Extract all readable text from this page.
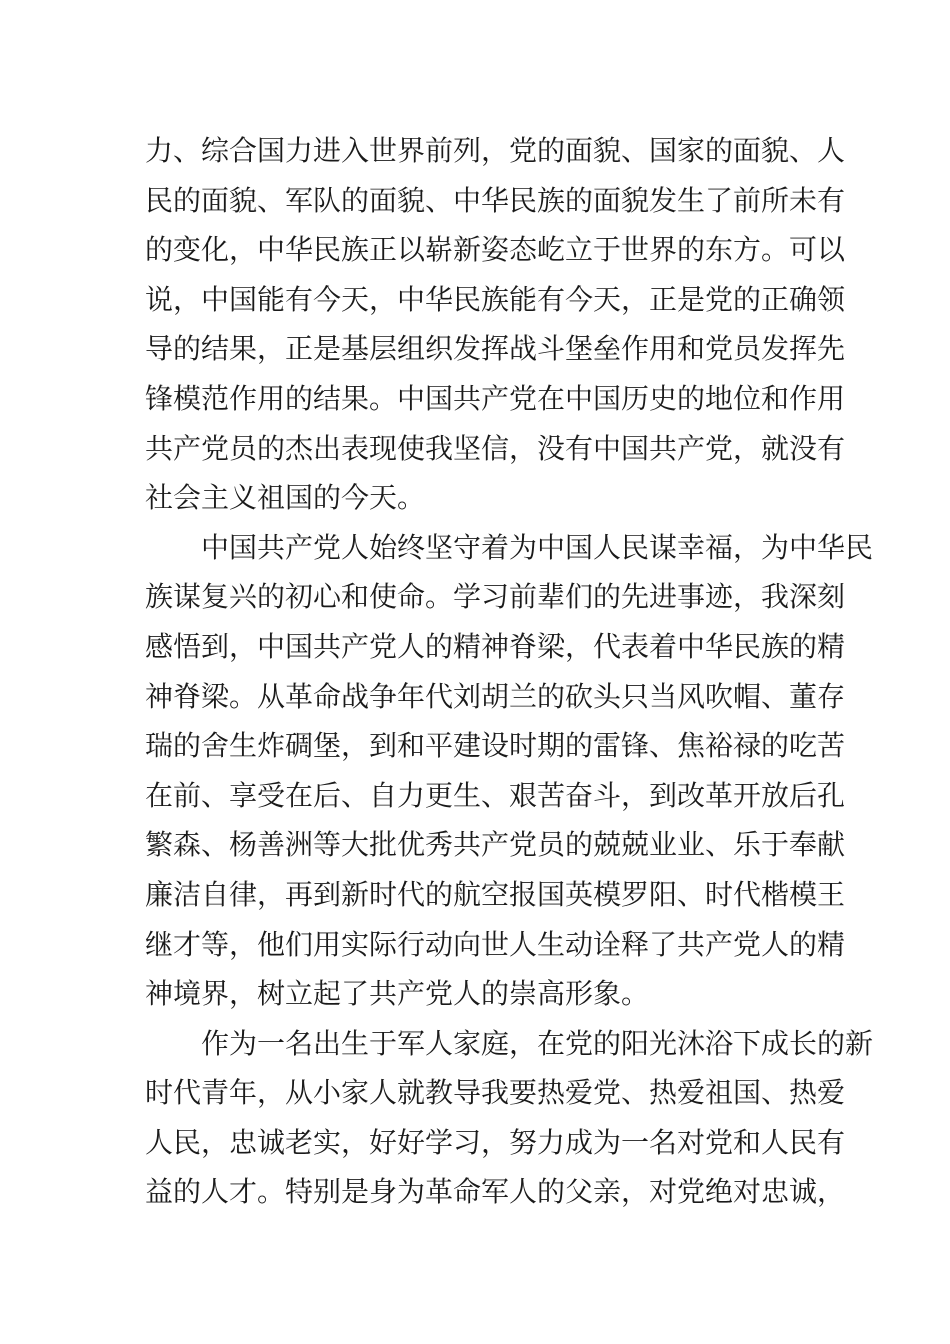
力、综合国力进入世界前列，党的面貌、国家的面貌、人
民的面貌、军队的面貌、中华民族的面貌发生了前所未有
的变化，中华民族正以崭新姿态屹立于世界的东方。可以
说，中国能有今天，中华民族能有今天，正是党的正确领
导的结果，正是基层组织发挥战斗堡垒作用和党员发挥先
锋模范作用的结果。中国共产党在中国历史的地位和作用
共产党员的杰出表现使我坚信，没有中国共产党，就没有
社会主义祖国的今天。
　　中国共产党人始终坚守着为中国人民谋幸福，为中华民
族谋复兴的初心和使命。学习前辈们的先进事迹，我深刻
感悟到，中国共产党人的精神脊梁，代表着中华民族的精
神脊梁。从革命战争年代刘胡兰的砍头只当风吹帽、董存
瑞的舍生炸碉堡，到和平建设时期的雷锋、焦裕禄的吃苦
在前、享受在后、自力更生、艰苦奋斗，到改革开放后孔
繁森、杨善洲等大批优秀共产党员的兢兢业业、乐于奉献
廉洁自律，再到新时代的航空报国英模罗阳、时代楷模王
继才等，他们用实际行动向世人生动诠释了共产党人的精
神境界，树立起了共产党人的崇高形象。
　　作为一名出生于军人家庭，在党的阳光沐浴下成长的新
时代青年，从小家人就教导我要热爱党、热爱祖国、热爱
人民，忠诚老实，好好学习，努力成为一名对党和人民有
益的人才。特别是身为革命军人的父亲，对党绝对忠诚，
